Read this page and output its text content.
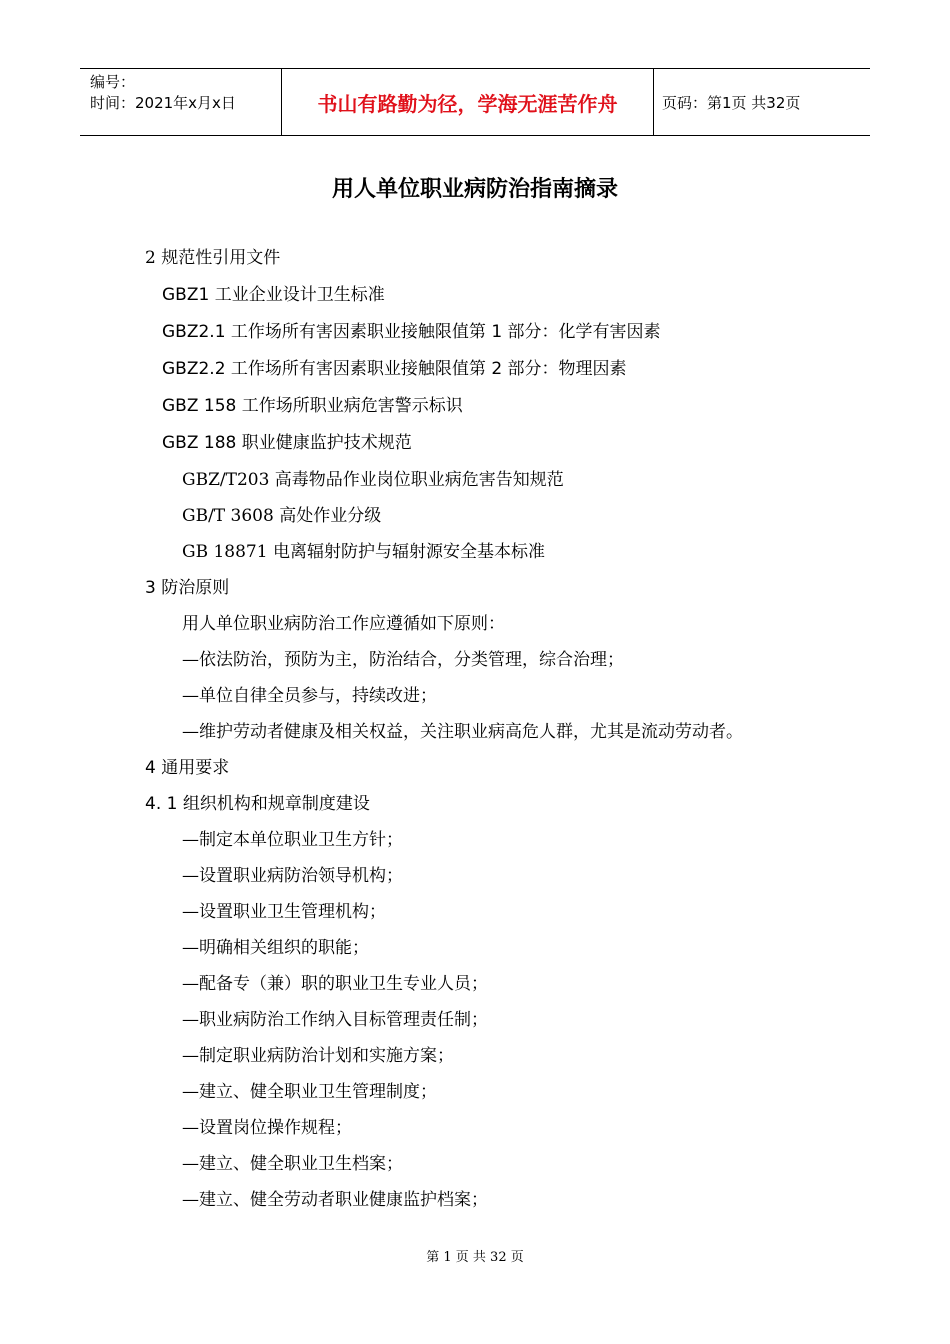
编号：
时间：2021年x月x日	书山有路勤为径，学海无涯苦作舟	页码：第1页 共32页
用人单位职业病防治指南摘录
2 规范性引用文件
GBZ1 工业企业设计卫生标准
GBZ2.1 工作场所有害因素职业接触限值第 1 部分：化学有害因素
GBZ2.2 工作场所有害因素职业接触限值第 2 部分：物理因素
GBZ 158 工作场所职业病危害警示标识
GBZ 188 职业健康监护技术规范
GBZ/T203 高毒物品作业岗位职业病危害告知规范
GB/T 3608 高处作业分级
GB 18871 电离辐射防护与辐射源安全基本标准
3 防治原则
用人单位职业病防治工作应遵循如下原则：
—依法防治，预防为主，防治结合，分类管理，综合治理；
—单位自律全员参与，持续改进；
—维护劳动者健康及相关权益，关注职业病高危人群，尤其是流动劳动者。
4 通用要求
4. 1 组织机构和规章制度建设
—制定本单位职业卫生方针；
—设置职业病防治领导机构；
—设置职业卫生管理机构；
—明确相关组织的职能；
—配备专（兼）职的职业卫生专业人员；
—职业病防治工作纳入目标管理责任制；
—制定职业病防治计划和实施方案；
—建立、健全职业卫生管理制度；
—设置岗位操作规程；
—建立、健全职业卫生档案；
—建立、健全劳动者职业健康监护档案；
第 1 页 共 32 页
